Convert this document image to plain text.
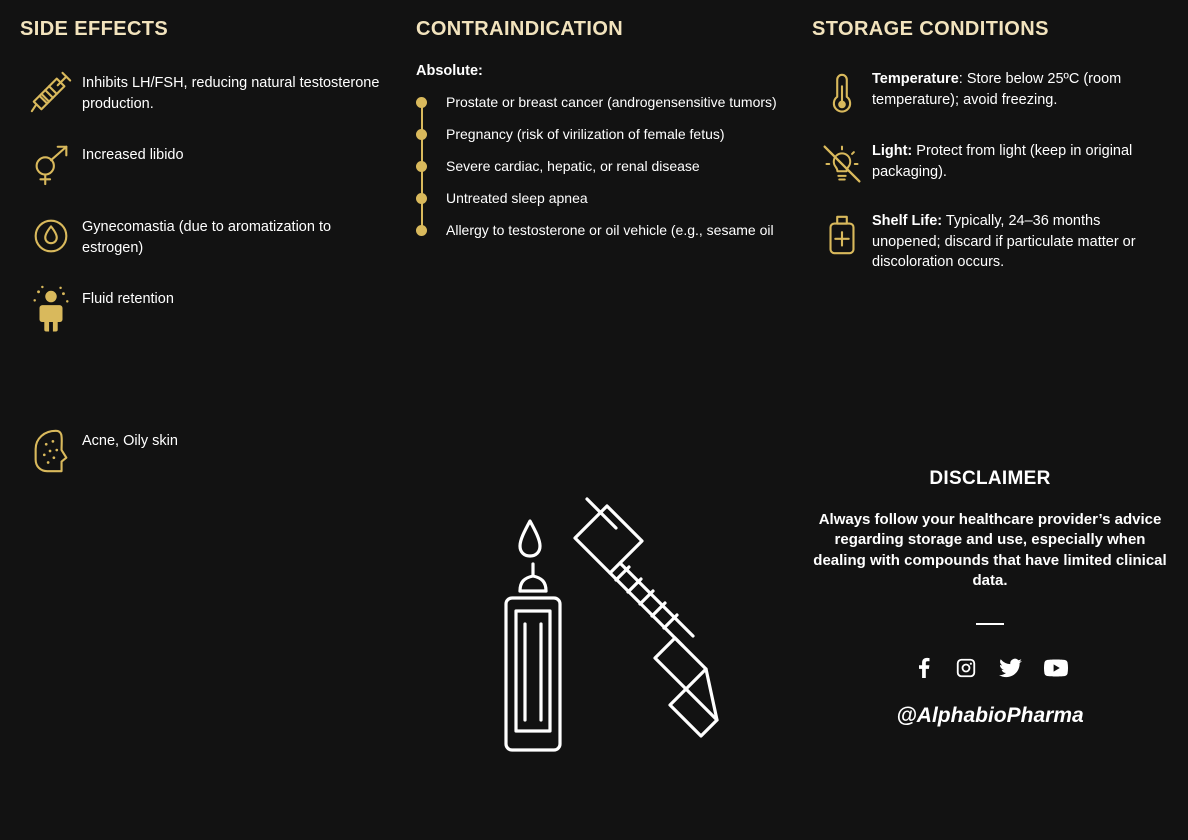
SIDE EFFECTS
Inhibits LH/FSH, reducing natural testosterone production.
Increased libido
Gynecomastia (due to aromatization to estrogen)
Fluid retention
Acne, Oily skin
CONTRAINDICATION
Absolute:
Prostate or breast cancer (androgensensitive tumors)
Pregnancy (risk of virilization of female fetus)
Severe cardiac, hepatic, or renal disease
Untreated sleep apnea
Allergy to testosterone or oil vehicle (e.g., sesame oil
STORAGE CONDITIONS
Temperature: Store below 25ºC (room temperature); avoid freezing.
Light: Protect from light (keep in original packaging).
Shelf Life: Typically, 24–36 months unopened; discard if particulate matter or discoloration occurs.
DISCLAIMER
Always follow your healthcare provider’s advice regarding storage and use, especially when dealing with compounds that have limited clinical data.
@AlphabioPharma
